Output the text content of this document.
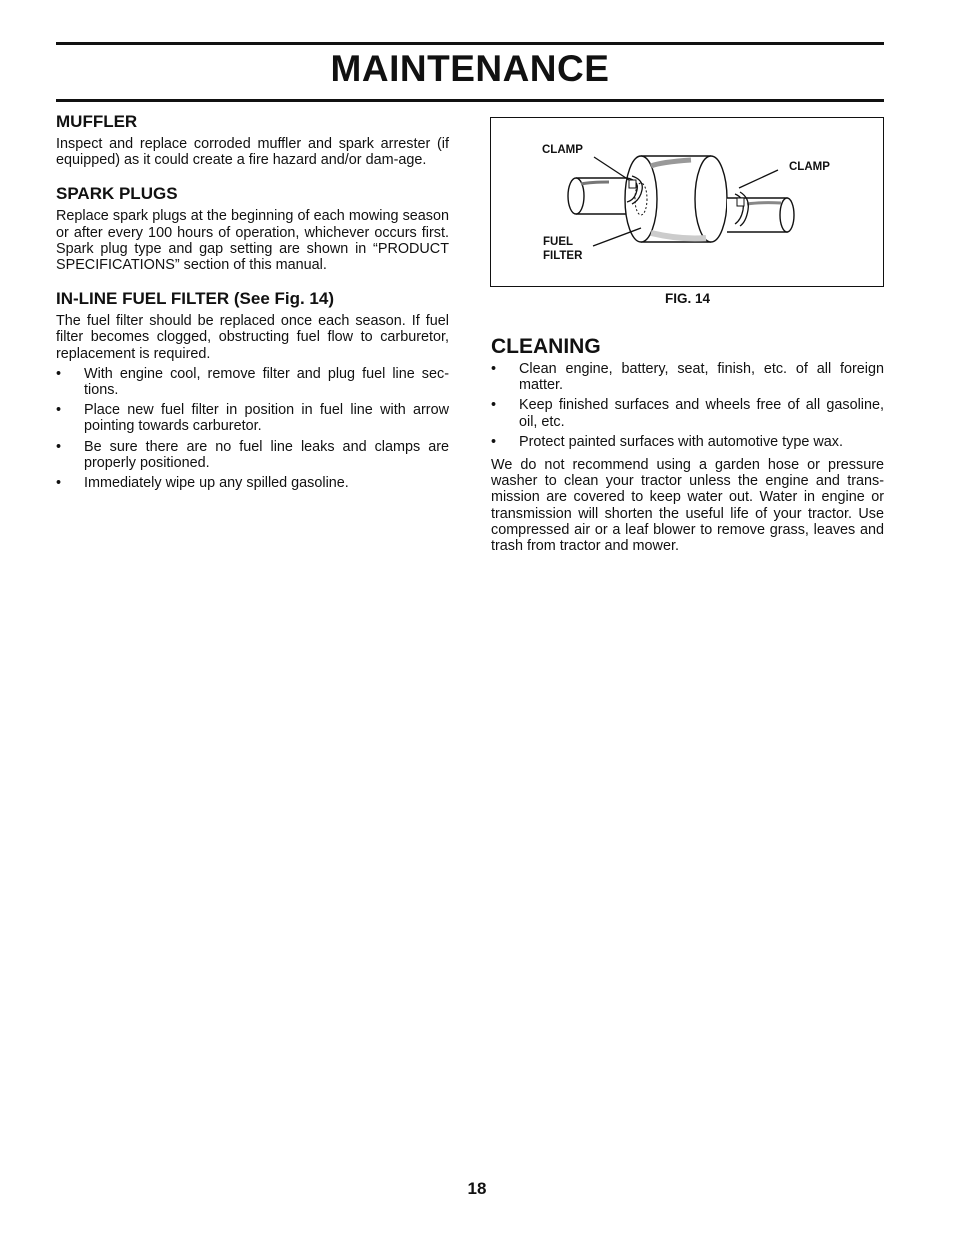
MAINTENANCE
MUFFLER

Inspect and replace corroded muffler and spark arrester (if equipped) as it could create a fire hazard and/or dam-age.

SPARK PLUGS

Replace spark plugs at the beginning of each mowing season or after every 100 hours of operation, whichever occurs first. Spark plug type and gap setting are shown in “PRODUCT SPECIFICATIONS” section of this manual.

IN-LINE FUEL FILTER (See Fig. 14)

The fuel filter should be replaced once each season. If fuel filter becomes clogged, obstructing fuel flow to carburetor, replacement is required.

• With engine cool, remove filter and plug fuel line sec-tions.
• Place new fuel filter in position in fuel line with arrow pointing towards carburetor.
• Be sure there are no fuel line leaks and clamps are properly positioned.
• Immediately wipe up any spilled gasoline.
CLAMP
CLAMP
FUEL
FILTER
FIG. 14
CLEANING
• Clean engine, battery, seat, finish, etc. of all foreign matter.
• Keep finished surfaces and wheels free of all gasoline, oil, etc.
• Protect painted surfaces with automotive type wax.

We do not recommend using a garden hose or pressure washer to clean your tractor unless the engine and trans-mission are covered to keep water out. Water in engine or transmission will shorten the useful life of your tractor. Use compressed air or a leaf blower to remove grass, leaves and trash from tractor and mower.

18
